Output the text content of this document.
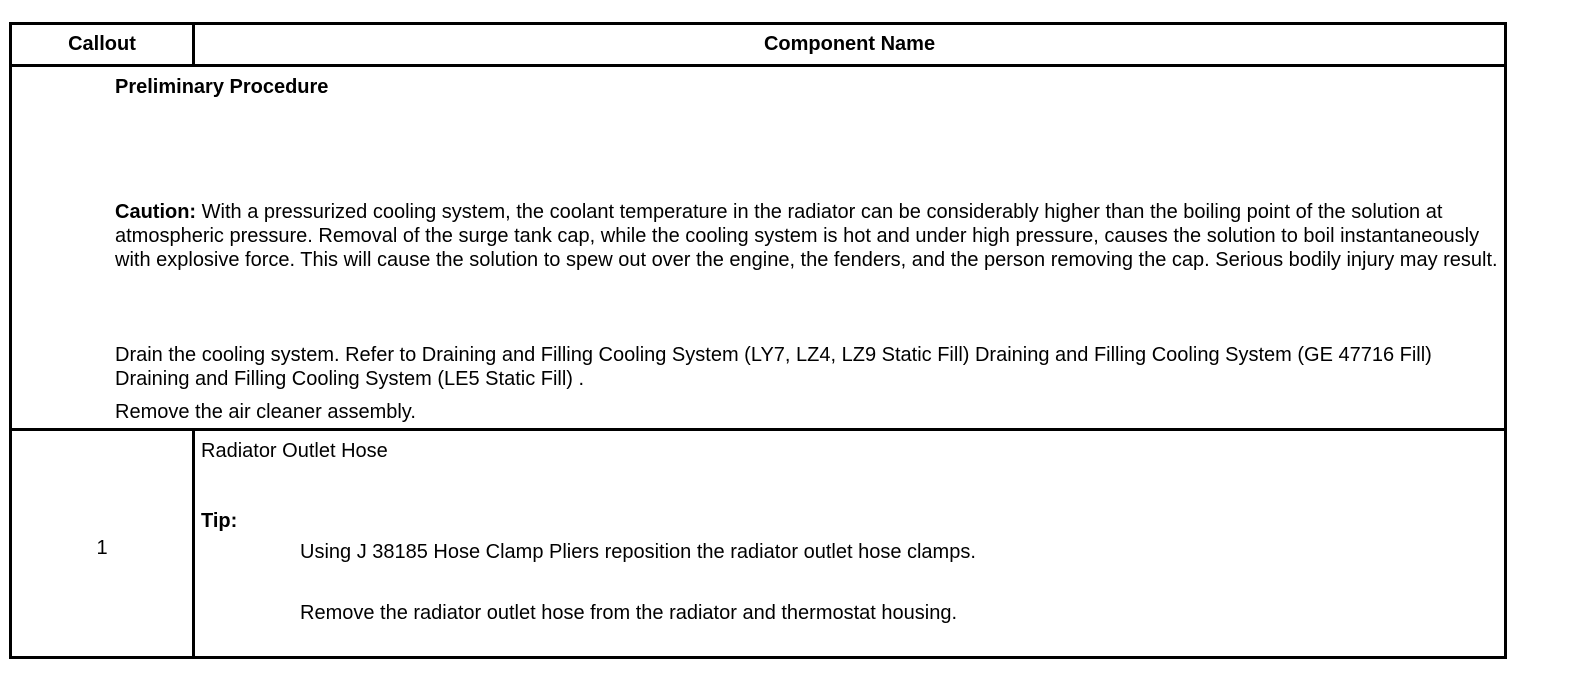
Callout	Component Name
Preliminary Procedure
Caution: With a pressurized cooling system, the coolant temperature in the radiator can be considerably higher than the boiling point of the solution at atmospheric pressure. Removal of the surge tank cap, while the cooling system is hot and under high pressure, causes the solution to boil instantaneously with explosive force. This will cause the solution to spew out over the engine, the fenders, and the person removing the cap. Serious bodily injury may result.
Drain the cooling system. Refer to Draining and Filling Cooling System (LY7, LZ4, LZ9 Static Fill) Draining and Filling Cooling System (GE 47716 Fill) Draining and Filling Cooling System (LE5 Static Fill) .
Remove the air cleaner assembly.
1
Radiator Outlet Hose
Tip:
Using J 38185 Hose Clamp Pliers reposition the radiator outlet hose clamps.
Remove the radiator outlet hose from the radiator and thermostat housing.
